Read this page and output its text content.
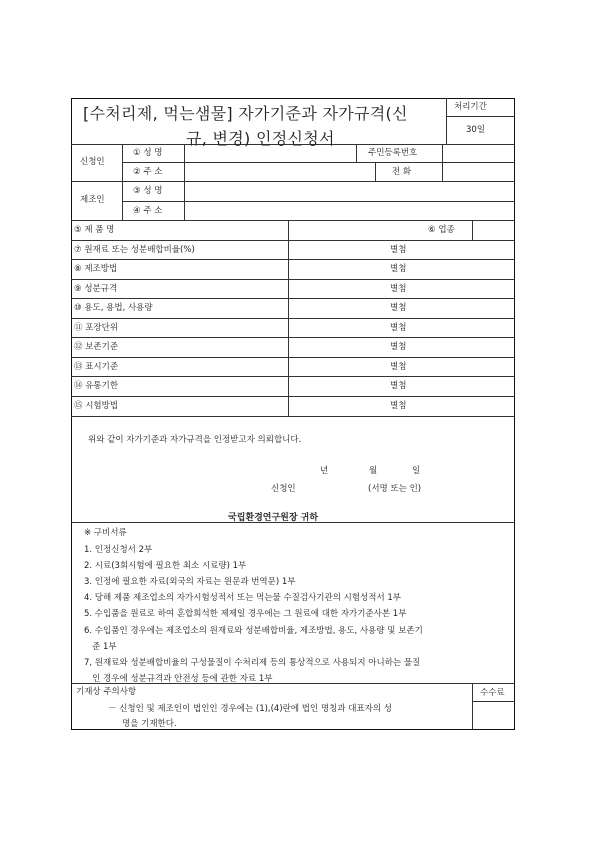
[수처리제, 먹는샘물] 자가기준과 자가규격(신
규, 변경) 인정신청서
처리기간
30일
신청인
① 성 명	주민등록번호
② 주 소	전 화
제조인
③ 성 명
④ 주 소
⑤ 제 품 명	⑥ 업종
⑦ 원재료 또는 성분배합비율(%)	별첨
⑧ 제조방법	별첨
⑨ 성분규격	별첨
⑩ 용도, 용법, 사용량	별첨
⑪ 포장단위	별첨
⑫ 보존기준	별첨
⑬ 표시기준	별첨
⑭ 유통기한	별첨
⑮ 시험방법	별첨
위와 같이 자가기준과 자가규격을 인정받고자 의뢰합니다.
년	월	일
신청인	(서명 또는 인)
국립환경연구원장 귀하
※ 구비서류
1. 인정신청서 2부
2. 시료(3회시험에 필요한 최소 시료량) 1부
3. 인정에 필요한 자료(외국의 자료는 원문과 번역문) 1부
4. 당해 제품 제조업소의 자가시험성적서 또는 먹는물 수질검사기관의 시험성적서 1부
5. 수입품을 원료로 하여 혼합희석한 제제일 경우에는 그 원료에 대한 자가기준사본 1부
6. 수입품인 경우에는 제조업소의 원재료와 성분배합비율, 제조방법, 용도, 사용량 및 보존기
준 1부
7, 원재료와 성분배합비율의 구성물질이 수처리제 등의 통상적으로 사용되지 아니하는 물질
인 경우에 성분규격과 안전성 등에 관한 자료 1부
기재상 주의사항
－ 신청인 및 제조인이 법인인 경우에는 (1),(4)란에 법인 명칭과 대표자의 성
명을 기재한다.
수수료
